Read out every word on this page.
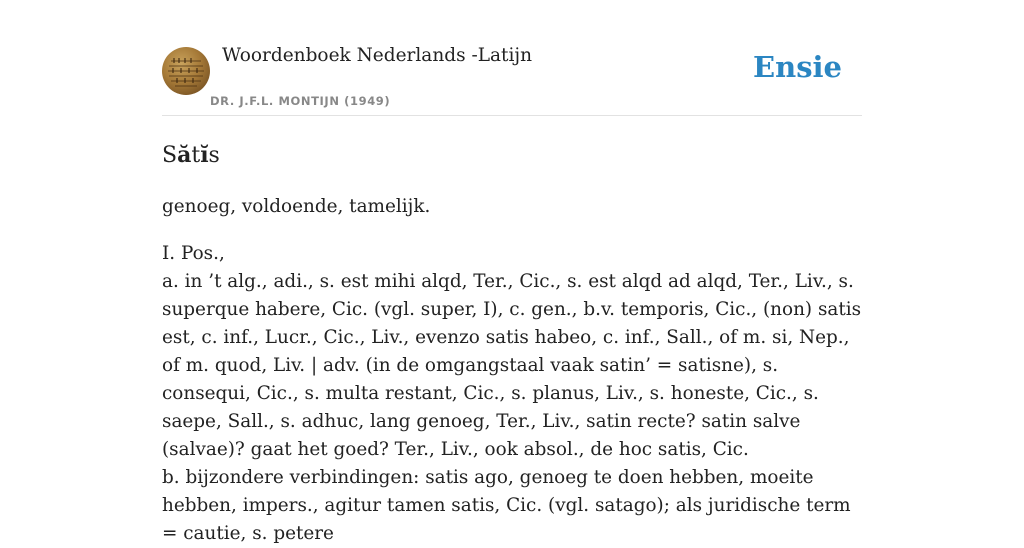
Woordenboek Nederlands -Latijn
DR. J.F.L. MONTIJN (1949)
Ensie
Sătĭs
genoeg, voldoende, tamelijk.
I. Pos.,
a. in ’t alg., adi., s. est mihi alqd, Ter., Cic., s. est alqd ad alqd, Ter., Liv., s. superque habere, Cic. (vgl. super, I), c. gen., b.v. temporis, Cic., (non) satis est, c. inf., Lucr., Cic., Liv., evenzo satis habeo, c. inf., Sall., of m. si, Nep., of m. quod, Liv. | adv. (in de omgangstaal vaak satin’ = satisne), s. consequi, Cic., s. multa restant, Cic., s. planus, Liv., s. honeste, Cic., s. saepe, Sall., s. adhuc, lang genoeg, Ter., Liv., satin recte? satin salve (salvae)? gaat het goed? Ter., Liv., ook absol., de hoc satis, Cic.
b. bijzondere verbindingen: satis ago, genoeg te doen hebben, moeite hebben, impers., agitur tamen satis, Cic. (vgl. satago); als juridische term = cautie, s. petere
